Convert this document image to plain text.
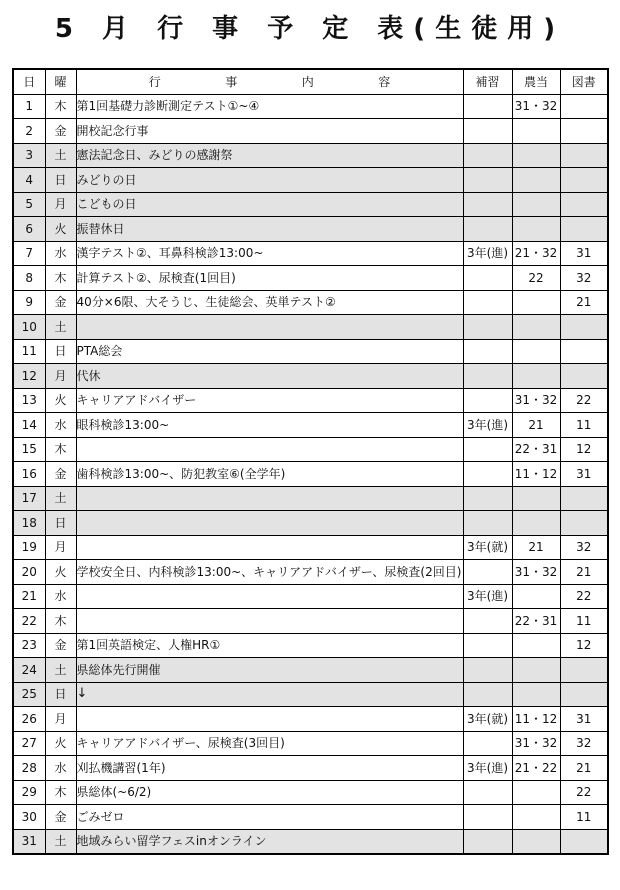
5 月 行 事 予 定 表(生徒用)
日	曜	行 事 内 容	補習	農当	図書
1	木	第1回基礎力診断測定テスト①~④		31・32	
2	金	開校記念行事			
3	土	憲法記念日、みどりの感謝祭			
4	日	みどりの日			
5	月	こどもの日			
6	火	振替休日			
7	水	漢字テスト②、耳鼻科検診13:00~	3年(進)	21・32	31
8	木	計算テスト②、尿検査(1回目)		22	32
9	金	40分×6限、大そうじ、生徒総会、英単テスト②			21
10	土				
11	日	PTA総会			
12	月	代休			
13	火	キャリアアドバイザー		31・32	22
14	水	眼科検診13:00~	3年(進)	21	11
15	木			22・31	12
16	金	歯科検診13:00~、防犯教室⑥(全学年)		11・12	31
17	土				
18	日				
19	月		3年(就)	21	32
20	火	学校安全日、内科検診13:00~、キャリアアドバイザー、尿検査(2回目)		31・32	21
21	水		3年(進)		22
22	木			22・31	11
23	金	第1回英語検定、人権HR①			12
24	土	県総体先行開催			
25	日	↓			
26	月		3年(就)	11・12	31
27	火	キャリアアドバイザー、尿検査(3回目)		31・32	32
28	水	刈払機講習(1年)	3年(進)	21・22	21
29	木	県総体(~6/2)			22
30	金	ごみゼロ			11
31	土	地域みらい留学フェスinオンライン			
